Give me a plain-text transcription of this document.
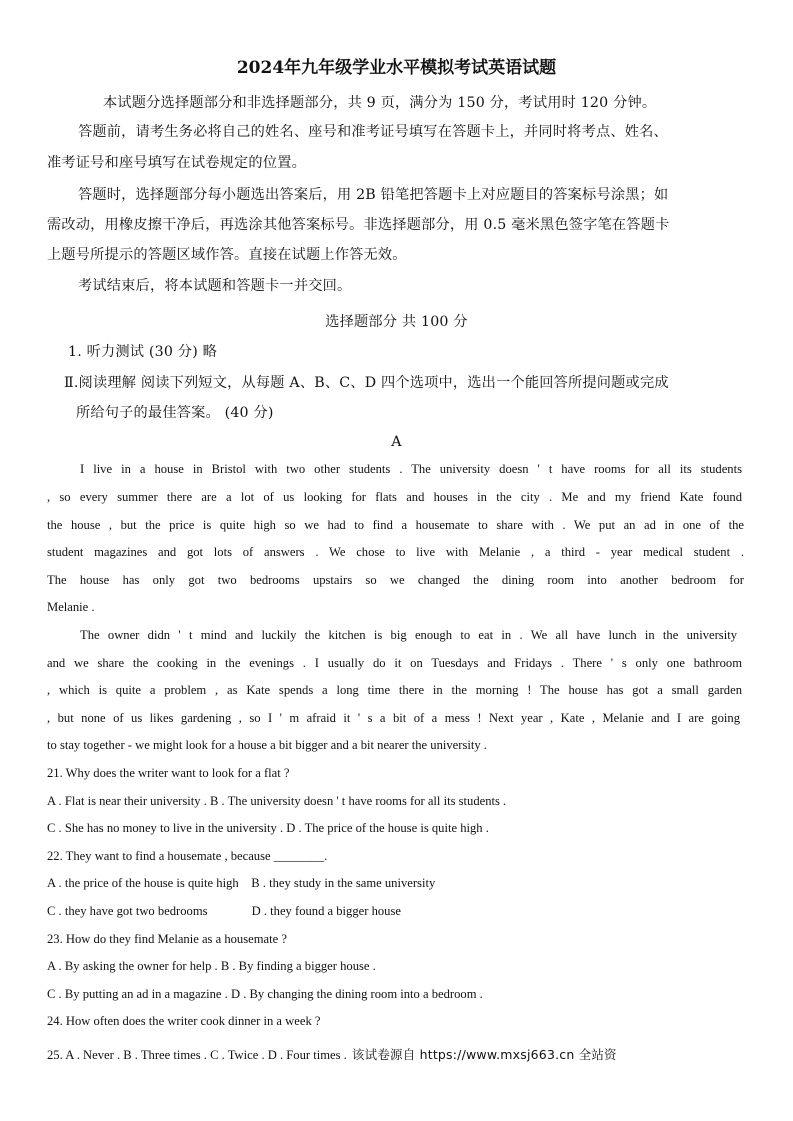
2024年九年级学业水平模拟考试英语试题
本试题分选择题部分和非选择题部分，共 9 页，满分为 150 分，考试用时 120 分钟。
答题前，请考生务必将自己的姓名、座号和准考证号填写在答题卡上，并同时将考点、姓名、
准考证号和座号填写在试卷规定的位置。
答题时，选择题部分每小题选出答案后，用 2B 铅笔把答题卡上对应题目的答案标号涂黑；如
需改动，用橡皮擦干净后，再选涂其他答案标号。非选择题部分，用 0.5 毫米黑色签字笔在答题卡
上题号所提示的答题区域作答。直接在试题上作答无效。
考试结束后，将本试题和答题卡一并交回。
选择题部分 共 100 分
1. 听力测试 (30 分) 略
Ⅱ.阅读理解 阅读下列短文，从每题 A、B、C、D 四个选项中，选出一个能回答所提问题或完成
所给句子的最佳答案。 (40 分)
A
I live in a house in Bristol with two other students . The university doesn ' t have rooms for all its students
, so every summer there are a lot of us looking for flats and houses in the city . Me and my friend Kate found
the house , but the price is quite high so we had to find a housemate to share with . We put an ad in one of the
student magazines and got lots of answers . We chose to live with Melanie , a third - year medical student .
The house has only got two bedrooms upstairs so we changed the dining room into another bedroom for
Melanie .
The owner didn ' t mind and luckily the kitchen is big enough to eat in . We all have lunch in the university
and we share the cooking in the evenings . I usually do it on Tuesdays and Fridays . There ' s only one bathroom
, which is quite a problem , as Kate spends a long time there in the morning ! The house has got a small garden
, but none of us likes gardening , so I ' m afraid it ' s a bit of a mess ! Next year , Kate , Melanie and I are going
to stay together - we might look for a house a bit bigger and a bit nearer the university .
21. Why does the writer want to look for a flat ?
A . Flat is near their university . B . The university doesn ' t have rooms for all its students .
C . She has no money to live in the university . D . The price of the house is quite high .
22. They want to find a housemate , because ________.
A . the price of the house is quite high    B . they study in the same university
C . they have got two bedrooms              D . they found a bigger house
23. How do they find Melanie as a housemate ?
A . By asking the owner for help . B . By finding a bigger house .
C . By putting an ad in a magazine . D . By changing the dining room into a bedroom .
24. How often does the writer cook dinner in a week ?
25. A . Never . B . Three times . C . Twice . D . Four times . 该试卷源自 https://www.mxsj663.cn 全站资
